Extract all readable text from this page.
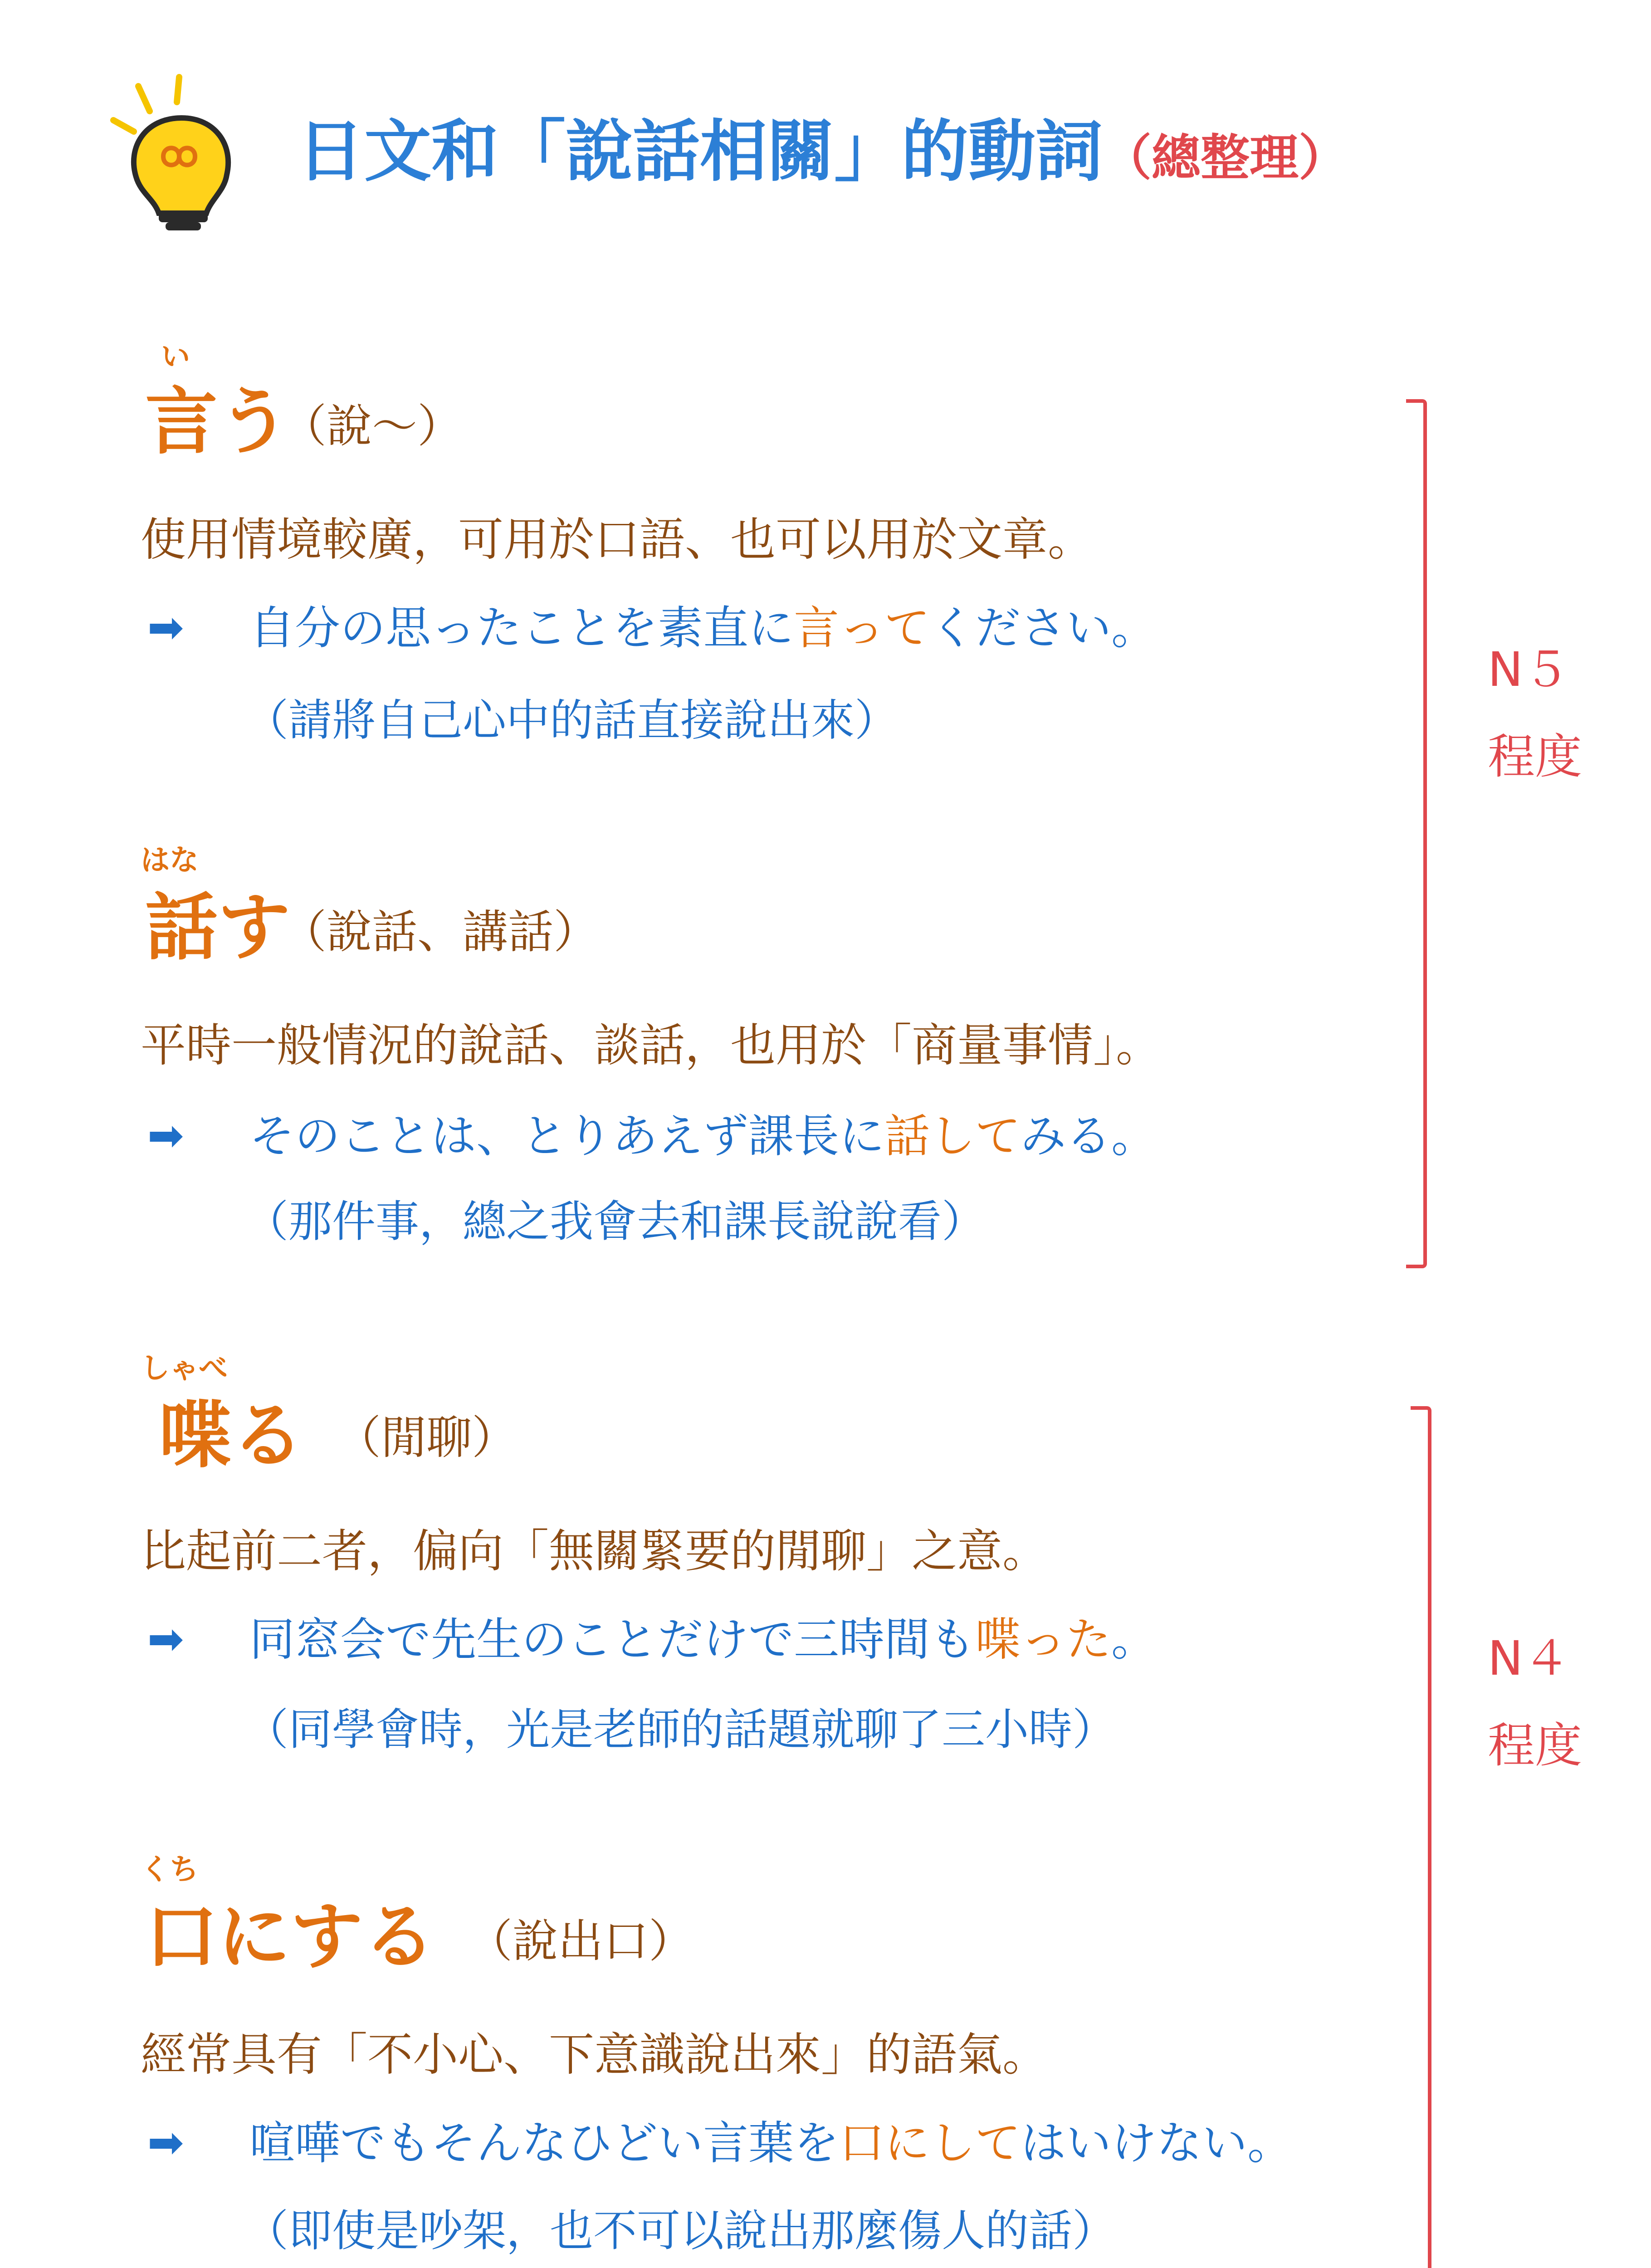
日文和「說話相關」的動詞（總整理）
い
言う
（說～）
使用情境較廣，可用於口語、也可以用於文章。
➡ 自分の思ったことを素直に言ってください。
（請將自己心中的話直接說出來）
はな
話す
（說話、講話）
平時一般情況的說話、談話，也用於「商量事情」。
➡ そのことは、とりあえず課長に話してみる。
（那件事，總之我會去和課長說說看）
N５
程度
しゃべ
喋る （閒聊）
比起前二者，偏向「無關緊要的閒聊」之意。
➡ 同窓会で先生のことだけで三時間も喋った。
（同學會時，光是老師的話題就聊了三小時）
くち
口にする （說出口）
經常具有「不小心、下意識說出來」的語氣。
➡ 喧嘩でもそんなひどい言葉を口にしてはいけない。
（即使是吵架，也不可以說出那麼傷人的話）
N４
程度
